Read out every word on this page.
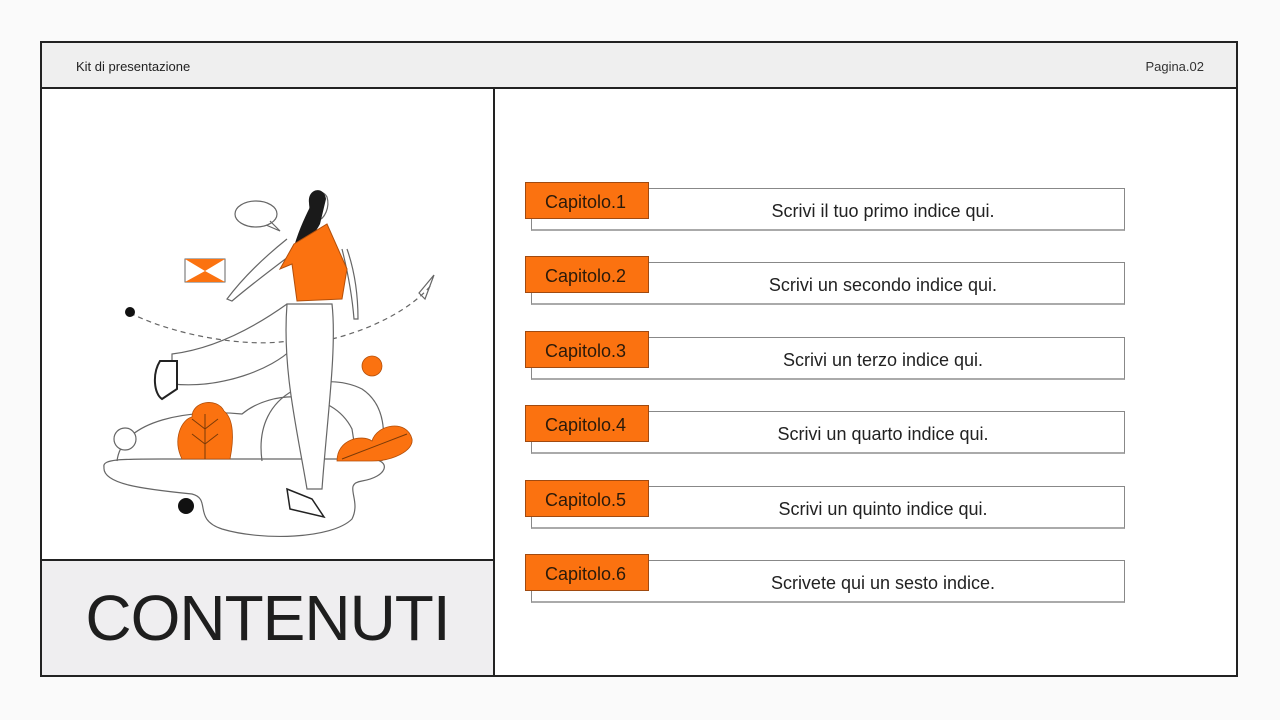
Kit di presentazione	Pagina.02
CONTENUTI
Scrivi il tuo primo indice qui.
Capitolo.1
Scrivi un secondo indice qui.
Capitolo.2
Scrivi un terzo indice qui.
Capitolo.3
Scrivi un quarto indice qui.
Capitolo.4
Scrivi un quinto indice qui.
Capitolo.5
Scrivete qui un sesto indice.
Capitolo.6
